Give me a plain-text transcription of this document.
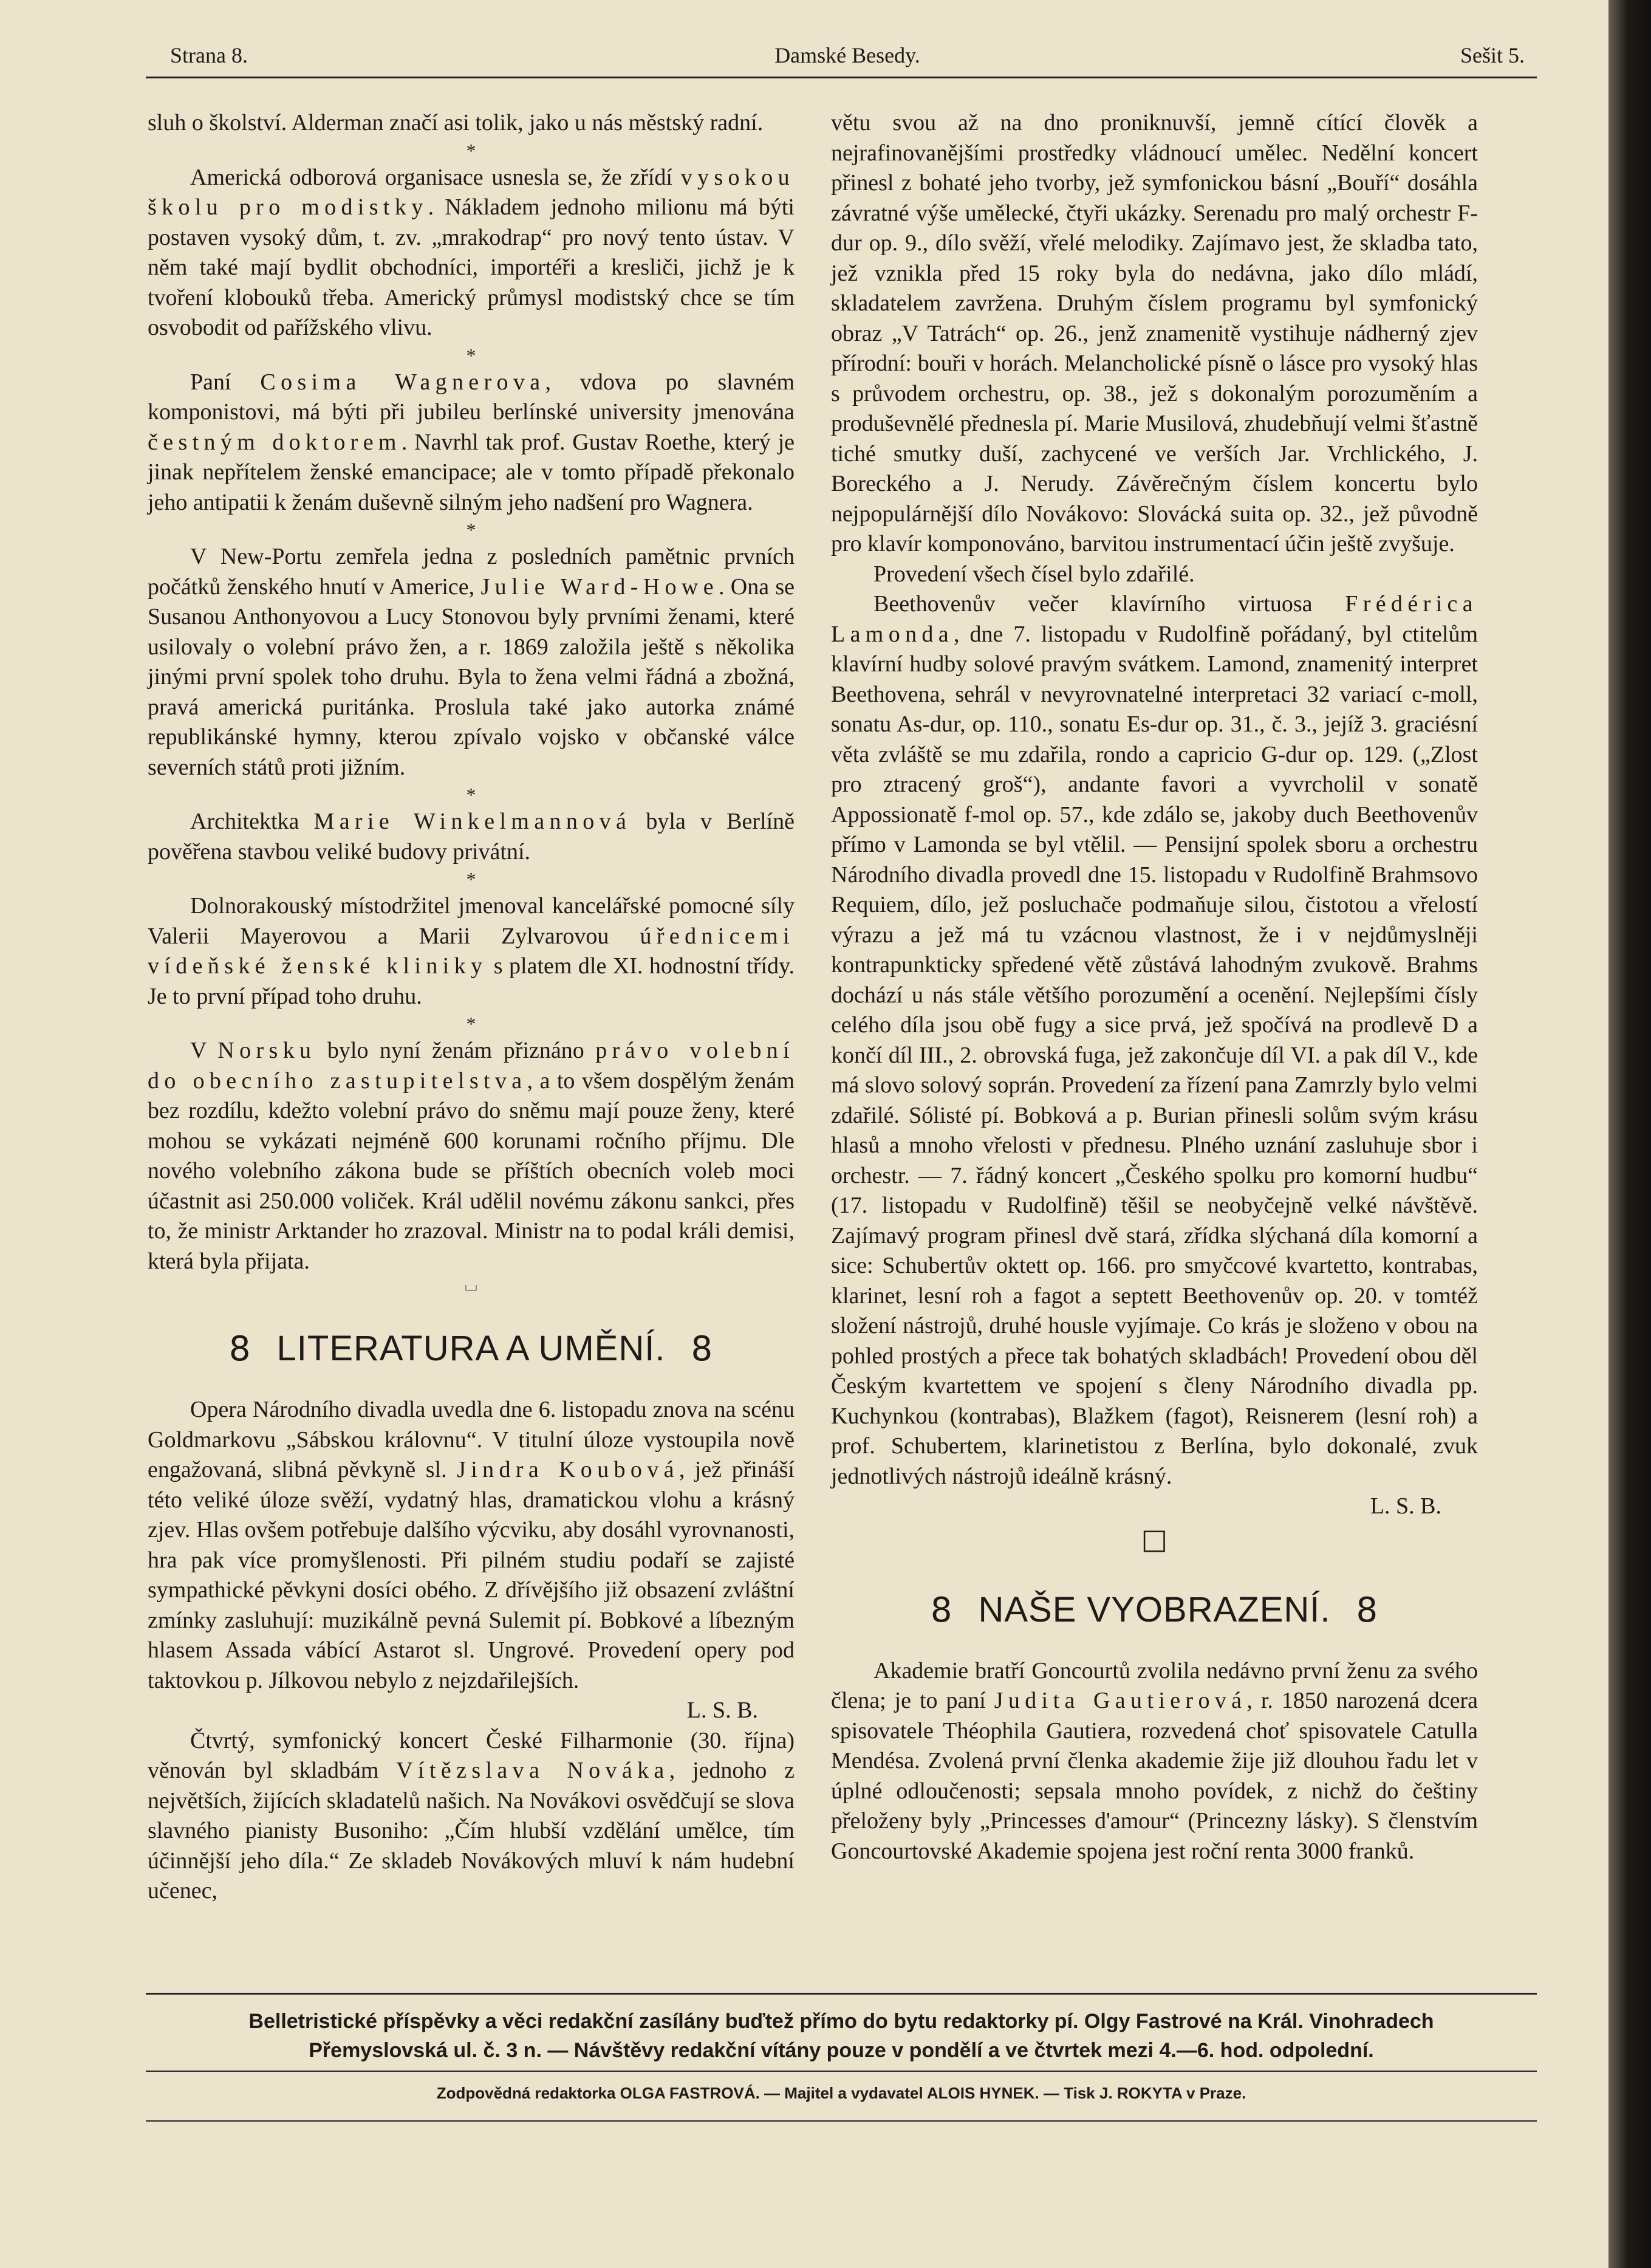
Strana 8.	Damské Besedy.	Sešit 5.

sluh o školství. Alderman značí asi tolik, jako u nás městský radní.

*

Americká odborová organisace usnesla se, že zřídí vysokou školu pro modistky. Nákladem jednoho milionu má býti postaven vysoký dům, t. zv. „mrakodrap“ pro nový tento ústav. V něm také mají bydlit obchodníci, importéři a kresliči, jichž je k tvoření klobouků třeba. Americký průmysl modistský chce se tím osvobodit od pařížského vlivu.

*

Paní Cosima Wagnerova, vdova po slavném komponistovi, má býti při jubileu berlínské university jmenována čestným doktorem. Navrhl tak prof. Gustav Roethe, který je jinak nepřítelem ženské emancipace; ale v tomto případě překonalo jeho antipatii k ženám duševně silným jeho nadšení pro Wagnera.

*

V New-Portu zemřela jedna z posledních pamětnic prvních počátků ženského hnutí v Americe, Julie Ward-Howe. Ona se Susanou Anthonyovou a Lucy Stonovou byly prvními ženami, které usilovaly o volební právo žen, a r. 1869 založila ještě s několika jinými první spolek toho druhu. Byla to žena velmi řádná a zbožná, pravá americká puritánka. Proslula také jako autorka známé republikánské hymny, kterou zpívalo vojsko v občanské válce severních států proti jižním.

*

Architektka Marie Winkelmannová byla v Berlíně pověřena stavbou veliké budovy privátní.

*

Dolnorakouský místodržitel jmenoval kancelářské pomocné síly Valerii Mayerovou a Marii Zylvarovou úřednicemi vídeňské ženské kliniky s platem dle XI. hodnostní třídy. Je to první případ toho druhu.

*

V Norsku bylo nyní ženám přiznáno právo volební do obecního zastupitelstva, a to všem dospělým ženám bez rozdílu, kdežto volební právo do sněmu mají pouze ženy, které mohou se vykázati nejméně 600 korunami ročního příjmu. Dle nového volebního zákona bude se příštích obecních voleb moci účastnit asi 250.000 voliček. Král udělil novému zákonu sankci, přes to, že ministr Arktander ho zrazoval. Ministr na to podal králi demisi, která byla přijata.

⌴

8 LITERATURA A UMĚNÍ. 8

Opera Národního divadla uvedla dne 6. listopadu znova na scénu Goldmarkovu „Sábskou královnu“. V titulní úloze vystoupila nově engažovaná, slibná pěvkyně sl. Jindra Koubová, jež přináší této veliké úloze svěží, vydatný hlas, dramatickou vlohu a krásný zjev. Hlas ovšem potřebuje dalšího výcviku, aby dosáhl vyrovnanosti, hra pak více promyšlenosti. Při pilném studiu podaří se zajisté sympathické pěvkyni dosíci obého. Z dřívějšího již obsazení zvláštní zmínky zasluhují: muzikálně pevná Sulemit pí. Bobkové a líbezným hlasem Assada vábící Astarot sl. Ungrové. Provedení opery pod taktovkou p. Jílkovou nebylo z nejzdařilejších.

L. S. B.

Čtvrtý, symfonický koncert České Filharmonie (30. října) věnován byl skladbám Vítězslava Nováka, jednoho z největších, žijících skladatelů našich. Na Novákovi osvědčují se slova slavného pianisty Busoniho: „Čím hlubší vzdělání umělce, tím účinnější jeho díla.“ Ze skladeb Novákových mluví k nám hudební učenec,

větu svou až na dno proniknuvší, jemně cítící člověk a nejrafinovanějšími prostředky vládnoucí umělec. Nedělní koncert přinesl z bohaté jeho tvorby, jež symfonickou básní „Bouří“ dosáhla závratné výše umělecké, čtyři ukázky. Serenadu pro malý orchestr F-dur op. 9., dílo svěží, vřelé melodiky. Zajímavo jest, že skladba tato, jež vznikla před 15 roky byla do nedávna, jako dílo mládí, skladatelem zavržena. Druhým číslem programu byl symfonický obraz „V Tatrách“ op. 26., jenž znamenitě vystihuje nádherný zjev přírodní: bouři v horách. Melancholické písně o lásce pro vysoký hlas s průvodem orchestru, op. 38., jež s dokonalým porozuměním a produševnělé přednesla pí. Marie Musilová, zhudebňují velmi šťastně tiché smutky duší, zachycené ve verších Jar. Vrchlického, J. Boreckého a J. Nerudy. Závěrečným číslem koncertu bylo nejpopulárnější dílo Novákovo: Slovácká suita op. 32., jež původně pro klavír komponováno, barvitou instrumentací účin ještě zvyšuje.

Provedení všech čísel bylo zdařilé.

Beethovenův večer klavírního virtuosa Frédérica Lamonda, dne 7. listopadu v Rudolfině pořádaný, byl ctitelům klavírní hudby solové pravým svátkem. Lamond, znamenitý interpret Beethovena, sehrál v nevyrovnatelné interpretaci 32 variací c-moll, sonatu As-dur, op. 110., sonatu Es-dur op. 31., č. 3., jejíž 3. graciésní věta zvláště se mu zdařila, rondo a capricio G-dur op. 129. („Zlost pro ztracený groš“), andante favori a vyvrcholil v sonatě Appossionatě f-mol op. 57., kde zdálo se, jakoby duch Beethovenův přímo v Lamonda se byl vtělil. — Pensijní spolek sboru a orchestru Národního divadla provedl dne 15. listopadu v Rudolfině Brahmsovo Requiem, dílo, jež posluchače podmaňuje silou, čistotou a vřelostí výrazu a jež má tu vzácnou vlastnost, že i v nejdůmyslněji kontrapunkticky spředené větě zůstává lahodným zvukově. Brahms dochází u nás stále většího porozumění a ocenění. Nejlepšími čísly celého díla jsou obě fugy a sice prvá, jež spočívá na prodlevě D a končí díl III., 2. obrovská fuga, jež zakončuje díl VI. a pak díl V., kde má slovo solový soprán. Provedení za řízení pana Zamrzly bylo velmi zdařilé. Sólisté pí. Bobková a p. Burian přinesli solům svým krásu hlasů a mnoho vřelosti v přednesu. Plného uznání zasluhuje sbor i orchestr. — 7. řádný koncert „Českého spolku pro komorní hudbu“ (17. listopadu v Rudolfině) těšil se neobyčejně velké návštěvě. Zajímavý program přinesl dvě stará, zřídka slýchaná díla komorní a sice: Schubertův oktett op. 166. pro smyčcové kvartetto, kontrabas, klarinet, lesní roh a fagot a septett Beethovenův op. 20. v tomtéž složení nástrojů, druhé housle vyjímaje. Co krás je složeno v obou na pohled prostých a přece tak bohatých skladbách! Provedení obou děl Českým kvartettem ve spojení s členy Národního divadla pp. Kuchynkou (kontrabas), Blažkem (fagot), Reisnerem (lesní roh) a prof. Schubertem, klarinetistou z Berlína, bylo dokonalé, zvuk jednotlivých nástrojů ideálně krásný.

L. S. B.

□

8 NAŠE VYOBRAZENÍ. 8

Akademie bratří Goncourtů zvolila nedávno první ženu za svého člena; je to paní Judita Gautierová, r. 1850 narozená dcera spisovatele Théophila Gautiera, rozvedená choť spisovatele Catulla Mendésa. Zvolená první členka akademie žije již dlouhou řadu let v úplné odloučenosti; sepsala mnoho povídek, z nichž do češtiny přeloženy byly „Princesses d'amour“ (Princezny lásky). S členstvím Goncourtovské Akademie spojena jest roční renta 3000 franků.

Belletristické příspěvky a věci redakční zasílány buďtež přímo do bytu redaktorky pí. Olgy Fastrové na Král. Vinohradech
Přemyslovská ul. č. 3 n. — Návštěvy redakční vítány pouze v pondělí a ve čtvrtek mezi 4.—6. hod. odpolední.
Zodpovědná redaktorka OLGA FASTROVÁ. — Majitel a vydavatel ALOIS HYNEK. — Tisk J. ROKYTA v Praze.
